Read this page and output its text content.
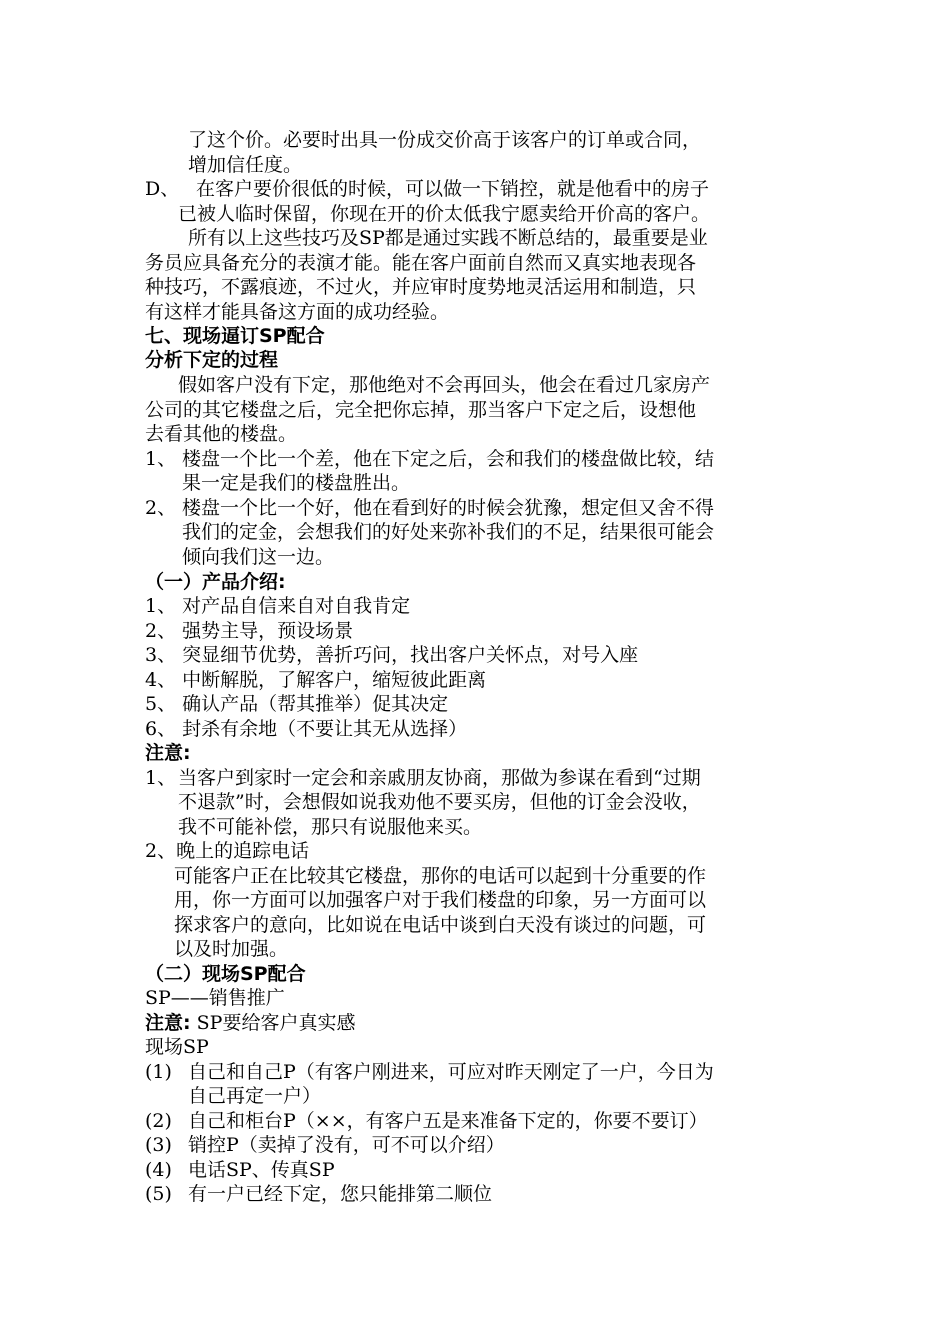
了这个价。必要时出具一份成交价高于该客户的订单或合同，
增加信任度。
D、 在客户要价很低的时候，可以做一下销控，就是他看中的房子
已被人临时保留，你现在开的价太低我宁愿卖给开价高的客户。
所有以上这些技巧及SP都是通过实践不断总结的，最重要是业
务员应具备充分的表演才能。能在客户面前自然而又真实地表现各
种技巧，不露痕迹，不过火，并应审时度势地灵活运用和制造，只
有这样才能具备这方面的成功经验。
七、现场逼订SP配合
分析下定的过程
假如客户没有下定，那他绝对不会再回头，他会在看过几家房产
公司的其它楼盘之后，完全把你忘掉，那当客户下定之后，设想他
去看其他的楼盘。
1、 楼盘一个比一个差，他在下定之后，会和我们的楼盘做比较，结
果一定是我们的楼盘胜出。
2、 楼盘一个比一个好，他在看到好的时候会犹豫，想定但又舍不得
我们的定金，会想我们的好处来弥补我们的不足，结果很可能会
倾向我们这一边。
（一）产品介绍:
1、 对产品自信来自对自我肯定
2、 强势主导，预设场景
3、 突显细节优势，善折巧问，找出客户关怀点，对号入座
4、 中断解脱，了解客户，缩短彼此距离
5、 确认产品（帮其推举）促其决定
6、 封杀有余地（不要让其无从选择）
注意:
1、 当客户到家时一定会和亲戚朋友协商，那做为参谋在看到“过期
不退款”时，会想假如说我劝他不要买房，但他的订金会没收，
我不可能补偿，那只有说服他来买。
2、晚上的追踪电话
可能客户正在比较其它楼盘，那你的电话可以起到十分重要的作
用，你一方面可以加强客户对于我们楼盘的印象，另一方面可以
探求客户的意向，比如说在电话中谈到白天没有谈过的问题，可
以及时加强。
（二）现场SP配合
SP——销售推广
注意: SP要给客户真实感
现场SP
(1) 自己和自己P（有客户刚进来，可应对昨天刚定了一户，今日为
自己再定一户）
(2) 自己和柜台P（××，有客户五是来准备下定的，你要不要订）
(3) 销控P（卖掉了没有，可不可以介绍）
(4) 电话SP、传真SP
(5) 有一户已经下定，您只能排第二顺位
